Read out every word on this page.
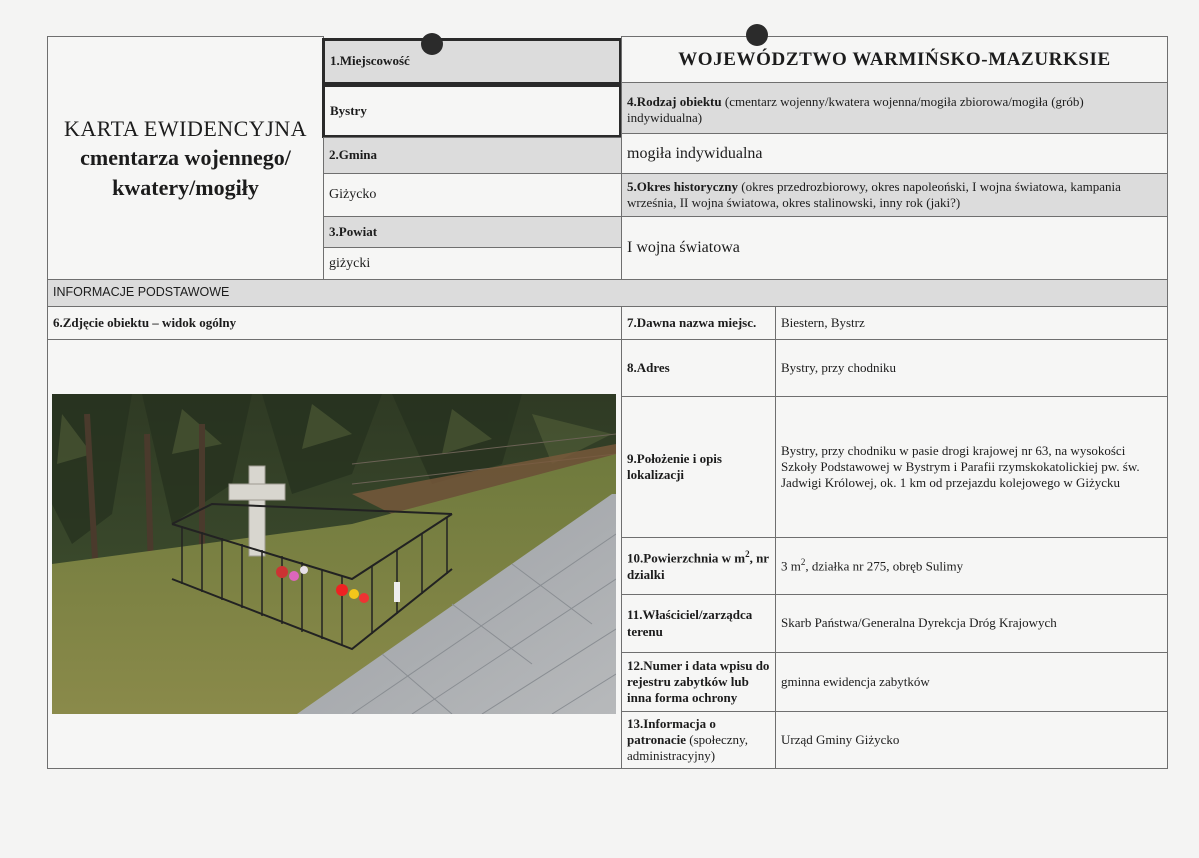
KARTA EWIDENCYJNA
cmentarza wojennego/
kwatery/mogiły
1.Miejscowość
Bystry
2.Gmina
Giżycko
3.Powiat
giżycki
WOJEWÓDZTWO WARMIŃSKO-MAZURKSIE
4.Rodzaj obiektu (cmentarz wojenny/kwatera wojenna/mogiła zbiorowa/mogiła (grób) indywidualna)
mogiła indywidualna
5.Okres historyczny (okres przedrozbiorowy, okres napoleoński, I wojna światowa, kampania września, II wojna światowa, okres stalinowski, inny rok (jaki?)
I wojna światowa
INFORMACJE PODSTAWOWE
6.Zdjęcie obiektu – widok ogólny	7.Dawna nazwa miejsc. Biestern, Bystrz
8.Adres	Bystry, przy chodniku
9.Położenie i opis lokalizacji
Bystry, przy chodniku w pasie drogi krajowej nr 63, na wysokości Szkoły Podstawowej w Bystrym i Parafii rzymskokatolickiej pw. św. Jadwigi Królowej, ok. 1 km od przejazdu kolejowego w Giżycku
10.Powierzchnia w $m^2$, nr dzialki
3 $m^2$, działka nr 275, obręb Sulimy
11.Właściciel/zarządca terenu
Skarb Państwa/Generalna Dyrekcja Dróg Krajowych
12.Numer i data wpisu do rejestru zabytków lub inna forma ochrony
gminna ewidencja zabytków
13.Informacja o
patronacie (społeczny, administracyjny)
Urząd Gminy Giżycko
